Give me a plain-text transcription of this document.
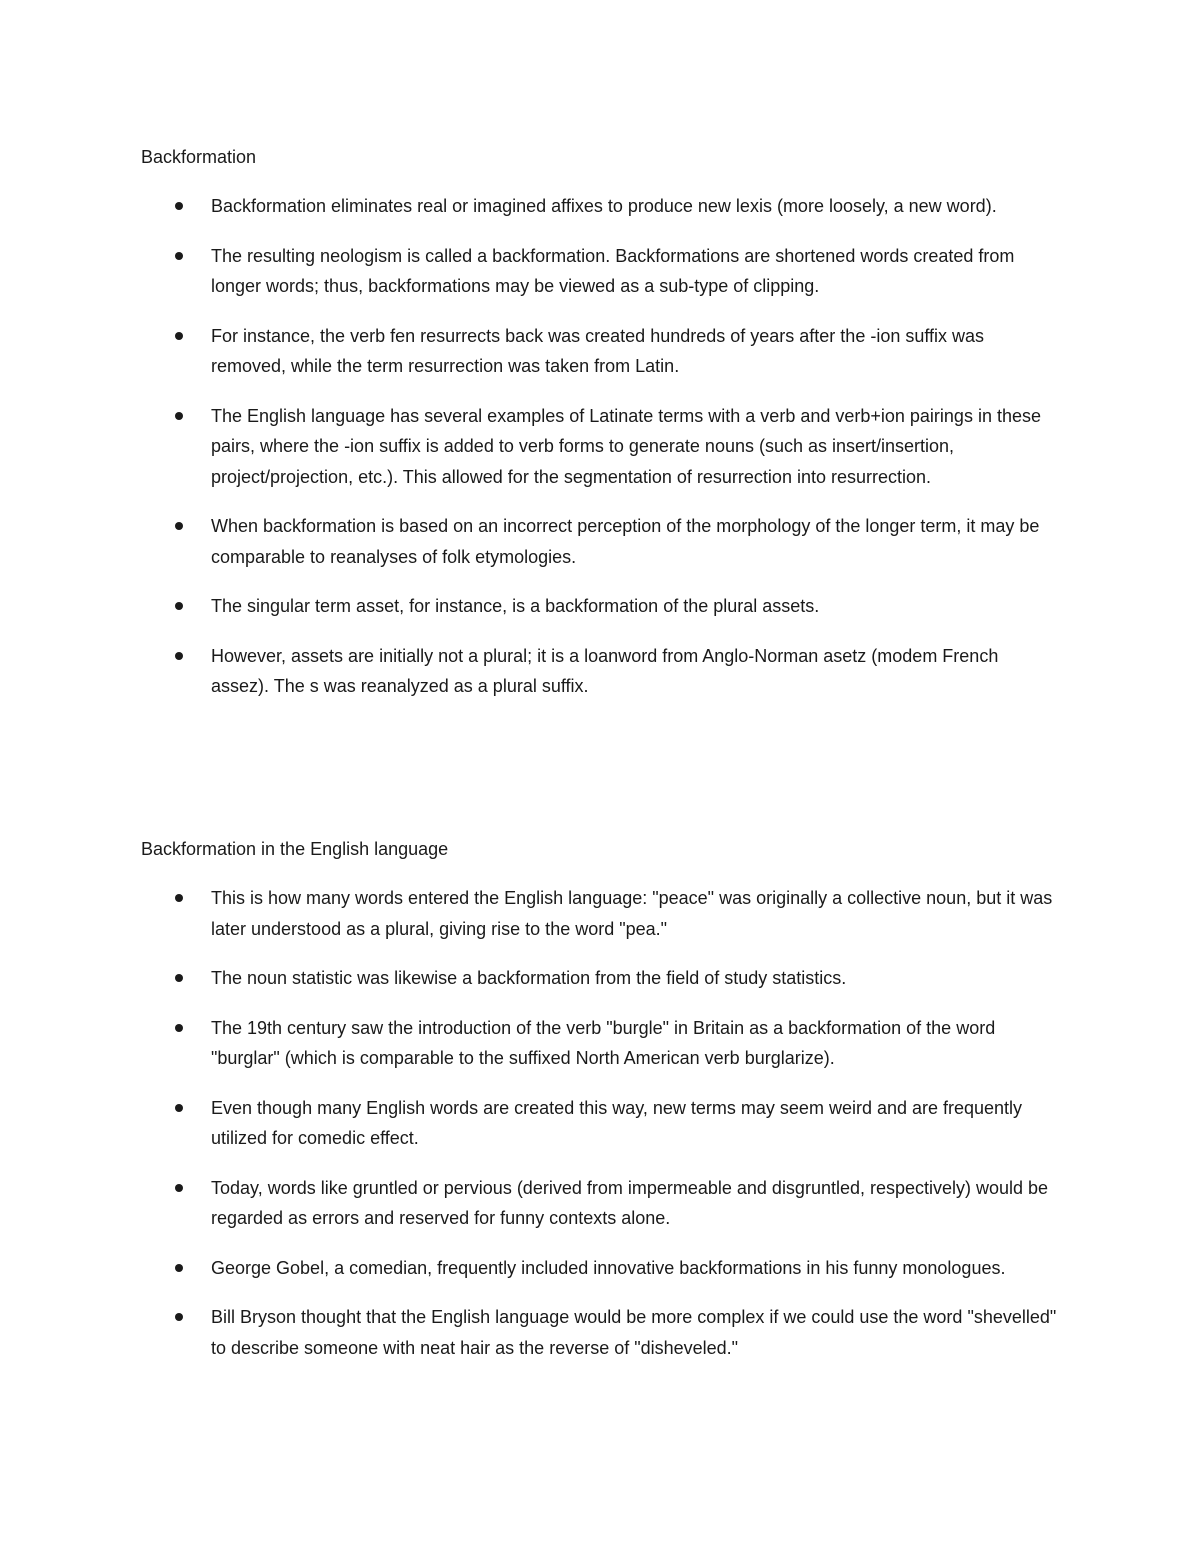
Backformation

Backformation eliminates real or imagined affixes to produce new lexis (more loosely, a new word).
The resulting neologism is called a backformation. Backformations are shortened words created from longer words; thus, backformations may be viewed as a sub-type of clipping.
For instance, the verb fen resurrects back was created hundreds of years after the -ion suffix was removed, while the term resurrection was taken from Latin.
The English language has several examples of Latinate terms with a verb and verb+ion pairings in these pairs, where the -ion suffix is added to verb forms to generate nouns (such as insert/insertion, project/projection, etc.). This allowed for the segmentation of resurrection into resurrection.
When backformation is based on an incorrect perception of the morphology of the longer term, it may be comparable to reanalyses of folk etymologies.
The singular term asset, for instance, is a backformation of the plural assets.
However, assets are initially not a plural; it is a loanword from Anglo-Norman asetz (modem French assez). The s was reanalyzed as a plural suffix.

Backformation in the English language

This is how many words entered the English language: "peace" was originally a collective noun, but it was later understood as a plural, giving rise to the word "pea."
The noun statistic was likewise a backformation from the field of study statistics.
The 19th century saw the introduction of the verb "burgle" in Britain as a backformation of the word "burglar" (which is comparable to the suffixed North American verb burglarize).
Even though many English words are created this way, new terms may seem weird and are frequently utilized for comedic effect.
Today, words like gruntled or pervious (derived from impermeable and disgruntled, respectively) would be regarded as errors and reserved for funny contexts alone.
George Gobel, a comedian, frequently included innovative backformations in his funny monologues.
Bill Bryson thought that the English language would be more complex if we could use the word "shevelled" to describe someone with neat hair as the reverse of "disheveled."
